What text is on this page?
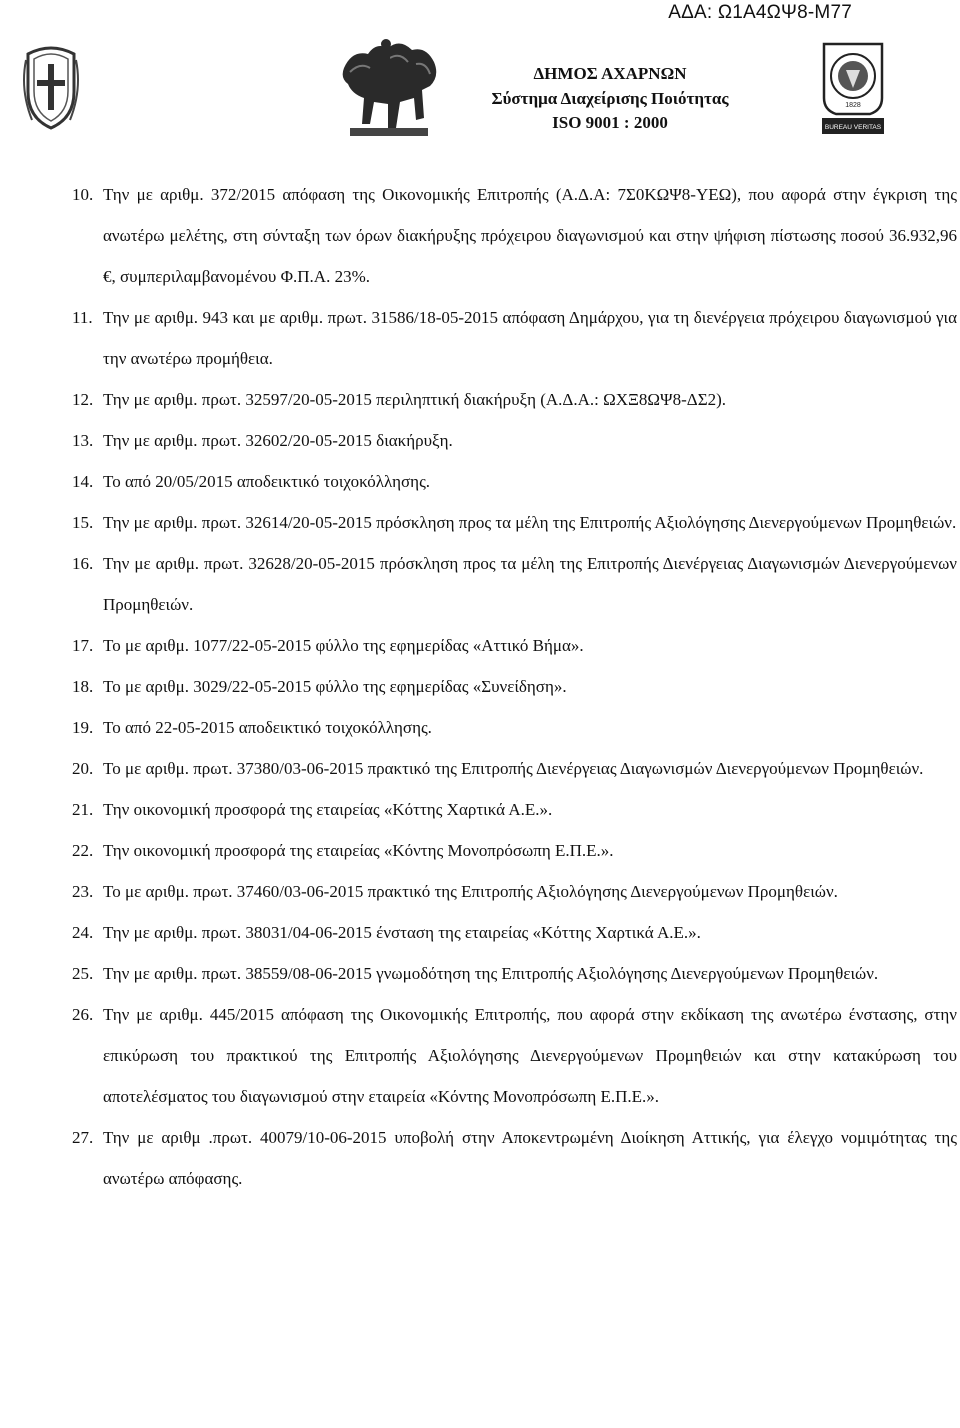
ΑΔΑ: Ω1Α4ΩΨ8-Μ77
ΔΗΜΟΣ ΑΧΑΡΝΩΝ
Σύστημα Διαχείρισης Ποιότητας
ISO 9001 : 2000
1828
BUREAU VERITAS
10. Την με αριθμ. 372/2015 απόφαση της Οικονομικής Επιτροπής (Α.Δ.Α: 7Σ0ΚΩΨ8-ΥΕΩ), που αφορά στην έγκριση της ανωτέρω μελέτης, στη σύνταξη των όρων διακήρυξης πρόχειρου διαγωνισμού και στην ψήφιση πίστωσης ποσού 36.932,96 €, συμπεριλαμβανομένου Φ.Π.Α. 23%.
11. Την με αριθμ. 943 και με αριθμ. πρωτ. 31586/18-05-2015 απόφαση Δημάρχου, για τη διενέργεια πρόχειρου διαγωνισμού για την ανωτέρω προμήθεια.
12. Την με αριθμ. πρωτ. 32597/20-05-2015 περιληπτική διακήρυξη (Α.Δ.Α.: ΩΧΞ8ΩΨ8-ΔΣ2).
13. Την με αριθμ. πρωτ. 32602/20-05-2015 διακήρυξη.
14. Το από 20/05/2015 αποδεικτικό τοιχοκόλλησης.
15. Την με αριθμ. πρωτ. 32614/20-05-2015 πρόσκληση προς τα μέλη της Επιτροπής Αξιολόγησης Διενεργούμενων Προμηθειών.
16. Την με αριθμ. πρωτ. 32628/20-05-2015 πρόσκληση προς τα μέλη της Επιτροπής Διενέργειας Διαγωνισμών Διενεργούμενων Προμηθειών.
17. Το με αριθμ. 1077/22-05-2015 φύλλο της εφημερίδας «Αττικό Βήμα».
18. Το με αριθμ. 3029/22-05-2015 φύλλο της εφημερίδας «Συνείδηση».
19. Το από 22-05-2015 αποδεικτικό τοιχοκόλλησης.
20. Το με αριθμ. πρωτ. 37380/03-06-2015 πρακτικό της Επιτροπής Διενέργειας Διαγωνισμών Διενεργούμενων Προμηθειών.
21. Την οικονομική προσφορά της εταιρείας «Κόττης Χαρτικά Α.Ε.».
22. Την οικονομική προσφορά της εταιρείας «Κόντης Μονοπρόσωπη Ε.Π.Ε.».
23. Το με αριθμ. πρωτ. 37460/03-06-2015 πρακτικό της Επιτροπής Αξιολόγησης Διενεργούμενων Προμηθειών.
24. Την με αριθμ. πρωτ. 38031/04-06-2015 ένσταση της εταιρείας «Κόττης Χαρτικά Α.Ε.».
25. Την με αριθμ. πρωτ. 38559/08-06-2015 γνωμοδότηση της Επιτροπής Αξιολόγησης Διενεργούμενων Προμηθειών.
26. Την με αριθμ. 445/2015 απόφαση της Οικονομικής Επιτροπής, που αφορά στην εκδίκαση της ανωτέρω ένστασης, στην επικύρωση του πρακτικού της Επιτροπής Αξιολόγησης Διενεργούμενων Προμηθειών και στην κατακύρωση του αποτελέσματος του διαγωνισμού στην εταιρεία «Κόντης Μονοπρόσωπη Ε.Π.Ε.».
27. Την με αριθμ .πρωτ. 40079/10-06-2015 υποβολή στην Αποκεντρωμένη Διοίκηση Αττικής, για έλεγχο νομιμότητας της ανωτέρω απόφασης.
